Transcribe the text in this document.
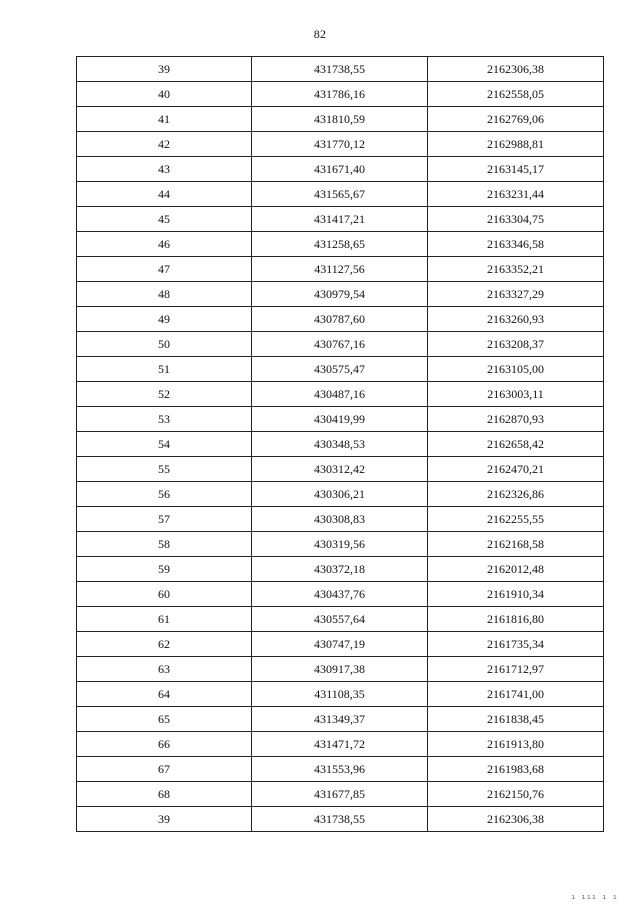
82
39	431738,55	2162306,38
40	431786,16	2162558,05
41	431810,59	2162769,06
42	431770,12	2162988,81
43	431671,40	2163145,17
44	431565,67	2163231,44
45	431417,21	2163304,75
46	431258,65	2163346,58
47	431127,56	2163352,21
48	430979,54	2163327,29
49	430787,60	2163260,93
50	430767,16	2163208,37
51	430575,47	2163105,00
52	430487,16	2163003,11
53	430419,99	2162870,93
54	430348,53	2162658,42
55	430312,42	2162470,21
56	430306,21	2162326,86
57	430308,83	2162255,55
58	430319,56	2162168,58
59	430372,18	2162012,48
60	430437,76	2161910,34
61	430557,64	2161816,80
62	430747,19	2161735,34
63	430917,38	2161712,97
64	431108,35	2161741,00
65	431349,37	2161838,45
66	431471,72	2161913,80
67	431553,96	2161983,68
68	431677,85	2162150,76
39	431738,55	2162306,38
ı ııı ı ı
